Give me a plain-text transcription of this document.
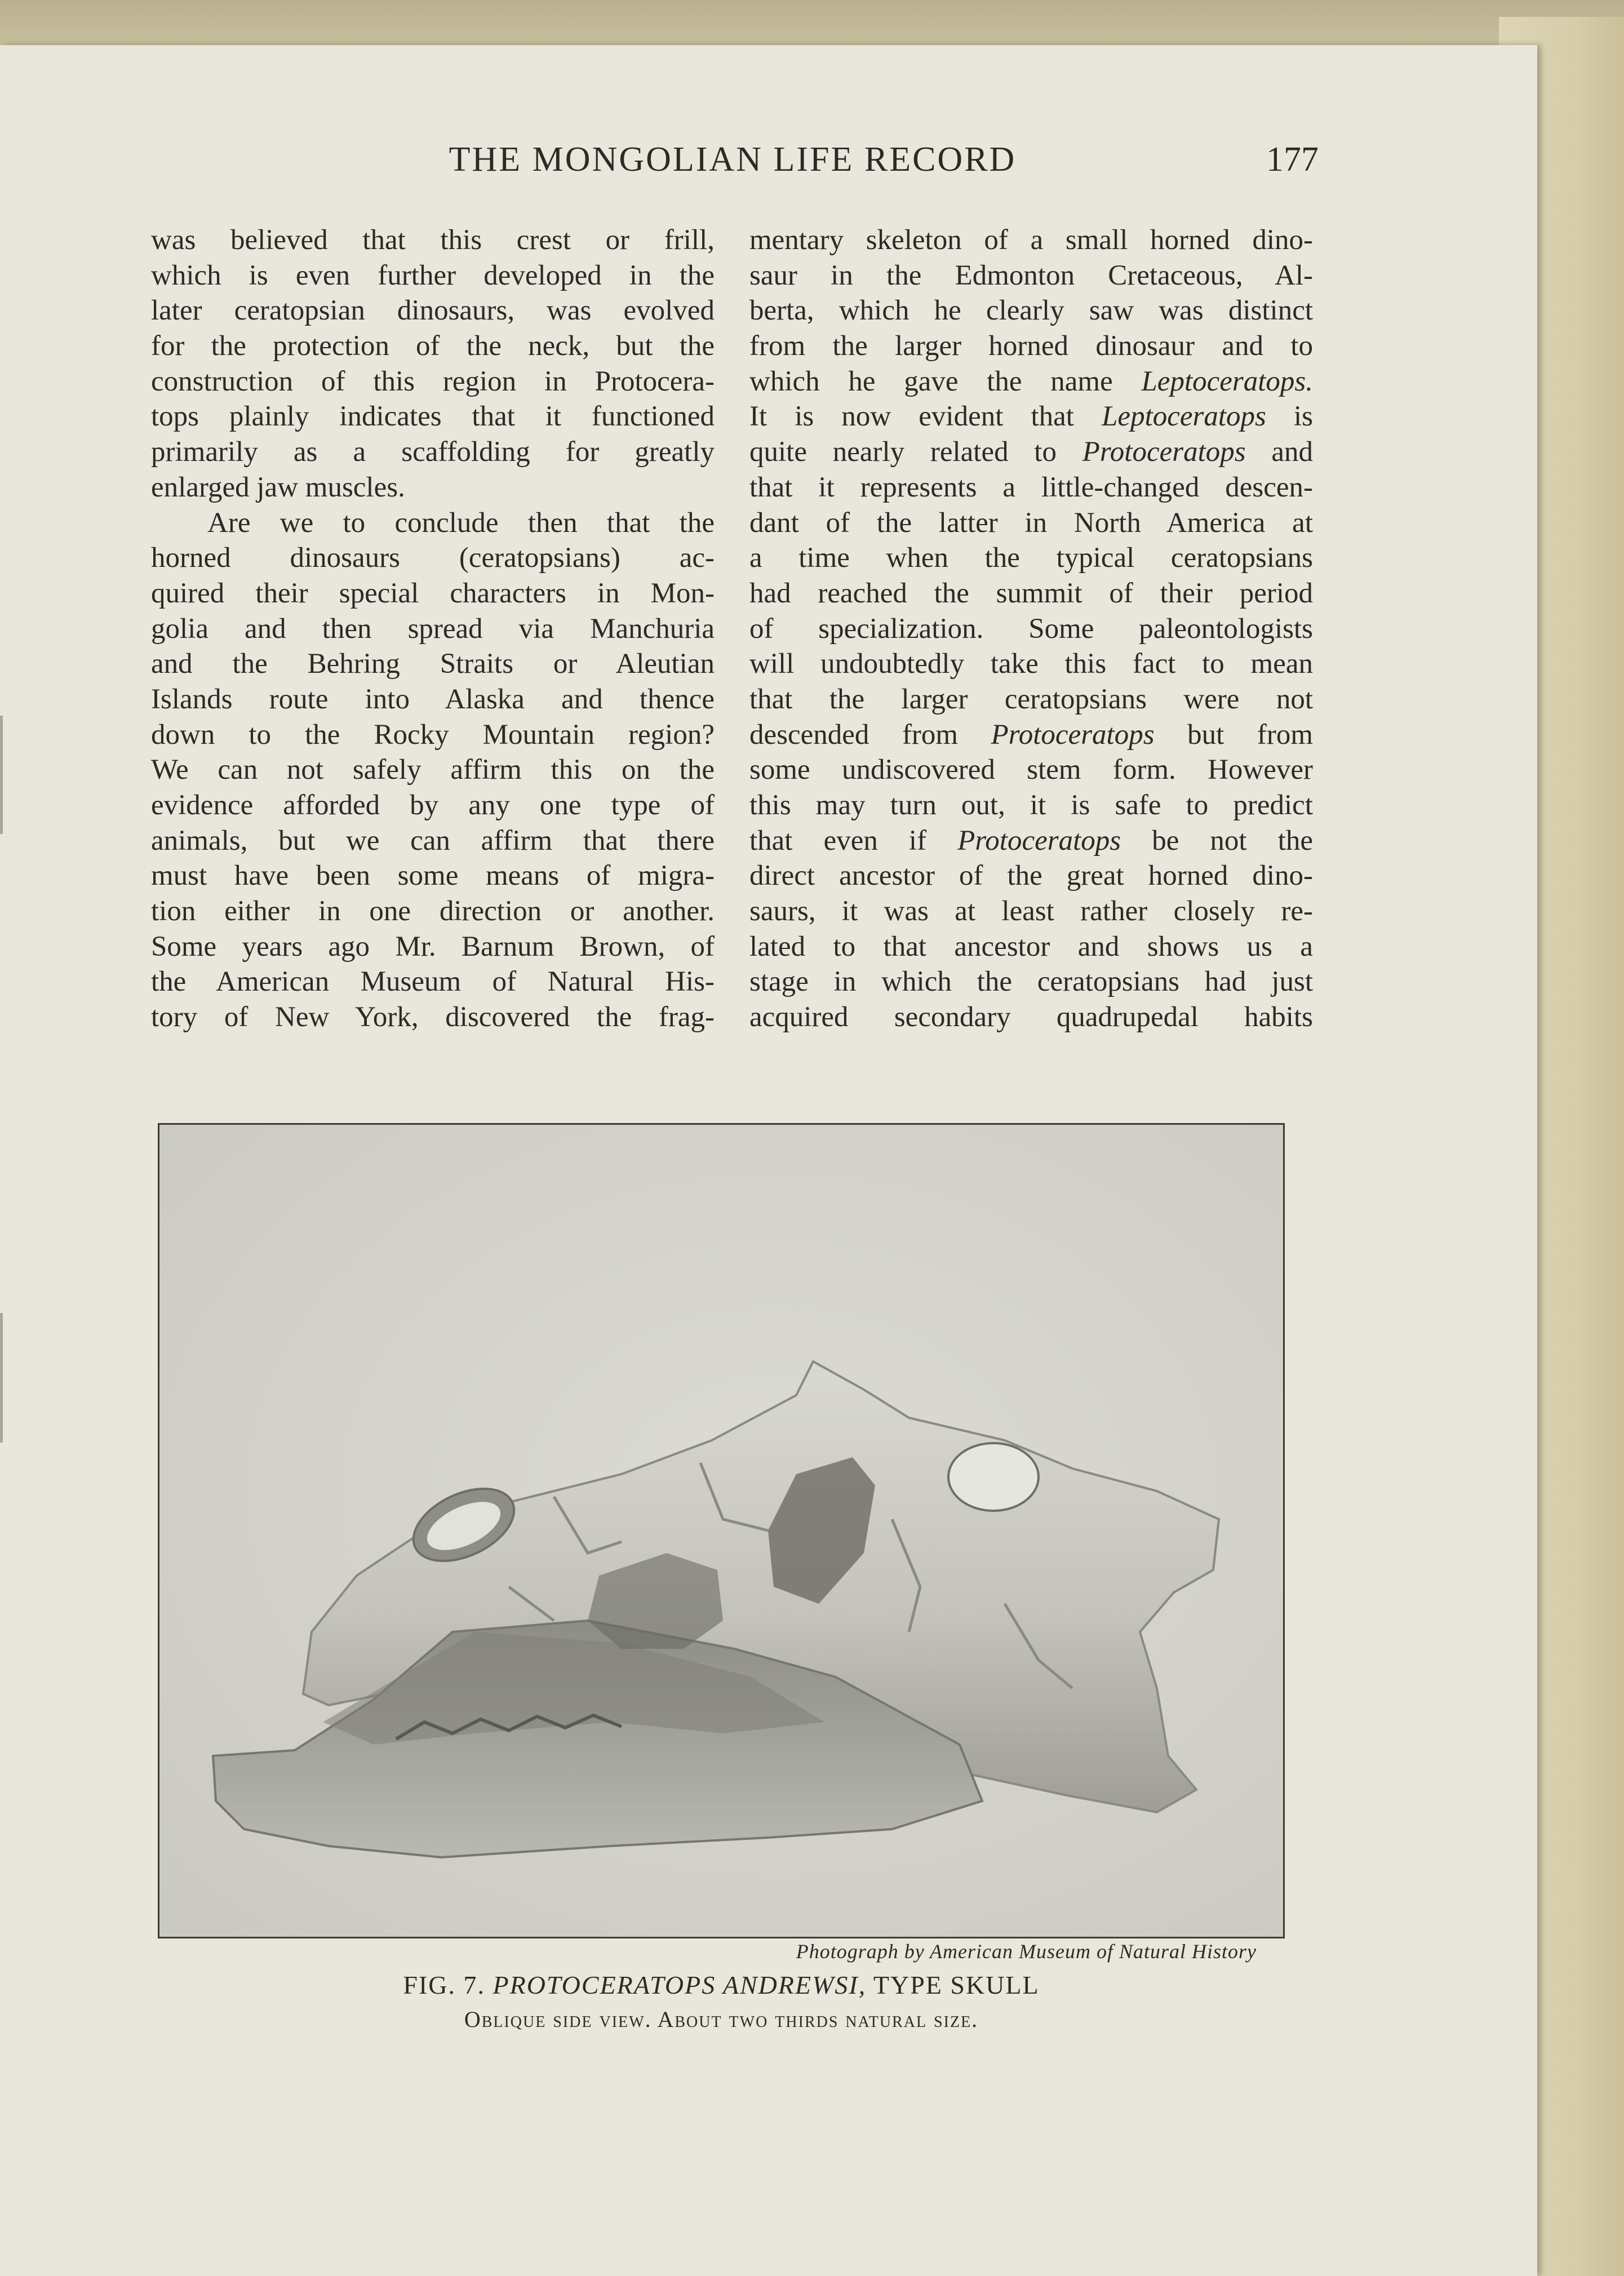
THE MONGOLIAN LIFE RECORD	177
was believed that this crest or frill,
which is even further developed in the
later ceratopsian dinosaurs, was evolved
for the protection of the neck, but the
construction of this region in Protocera-
tops plainly indicates that it functioned
primarily as a scaffolding for greatly
enlarged jaw muscles.
Are we to conclude then that the
horned dinosaurs (ceratopsians) ac-
quired their special characters in Mon-
golia and then spread via Manchuria
and the Behring Straits or Aleutian
Islands route into Alaska and thence
down to the Rocky Mountain region?
We can not safely affirm this on the
evidence afforded by any one type of
animals, but we can affirm that there
must have been some means of migra-
tion either in one direction or another.
Some years ago Mr. Barnum Brown, of
the American Museum of Natural His-
tory of New York, discovered the frag-
mentary skeleton of a small horned dino-
saur in the Edmonton Cretaceous, Al-
berta, which he clearly saw was distinct
from the larger horned dinosaur and to
which he gave the name Leptoceratops.
It is now evident that Leptoceratops is
quite nearly related to Protoceratops and
that it represents a little-changed descen-
dant of the latter in North America at
a time when the typical ceratopsians
had reached the summit of their period
of specialization. Some paleontologists
will undoubtedly take this fact to mean
that the larger ceratopsians were not
descended from Protoceratops but from
some undiscovered stem form. However
this may turn out, it is safe to predict
that even if Protoceratops be not the
direct ancestor of the great horned dino-
saurs, it was at least rather closely re-
lated to that ancestor and shows us a
stage in which the ceratopsians had just
acquired secondary quadrupedal habits
Photograph by American Museum of Natural History
FIG. 7. PROTOCERATOPS ANDREWSI, TYPE SKULL
Oblique side view. About two thirds natural size.
